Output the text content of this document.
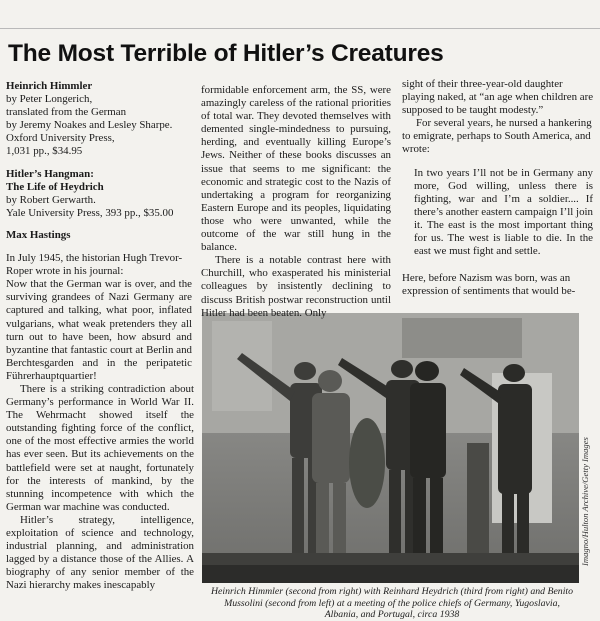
The Most Terrible of Hitler’s Creatures
Heinrich Himmler
by Peter Longerich,
translated from the German
by Jeremy Noakes and Lesley Sharpe.
Oxford University Press,
1,031 pp., $34.95
Hitler’s Hangman:
The Life of Heydrich
by Robert Gerwarth.
Yale University Press, 393 pp., $35.00
Max Hastings

In July 1945, the historian Hugh Trevor-Roper wrote in his journal:

Now that the German war is over, and the surviving grandees of Nazi Germany are captured and talking, what poor, inflated vulgarians, what weak pretenders they all turn out to have been, how absurd and byzantine that fantastic court at Berlin and Berchtesgarden and in the peripatetic Führerhauptquartier!

There is a striking contradiction about Germany’s performance in World War II. The Wehrmacht showed itself the outstanding fighting force of the conflict, one of the most effective armies the world has ever seen. But its achievements on the battlefield were set at naught, fortunately for the interests of mankind, by the stunning incompetence with which the German war machine was conducted.

Hitler’s strategy, intelligence, exploitation of science and technology, industrial planning, and administration lagged by a distance those of the Allies. A biography of any senior member of the Nazi hierarchy makes inescapably

formidable enforcement arm, the SS, were amazingly careless of the rational priorities of total war. They devoted themselves with demented single-mindedness to pursuing, herding, and eventually killing Europe’s Jews. Neither of these books discusses an issue that seems to me significant: the economic and strategic cost to the Nazis of undertaking a program for reorganizing Eastern Europe and its peoples, liquidating those who were unwanted, while the outcome of the war still hung in the balance.

There is a notable contrast here with Churchill, who exasperated his ministerial colleagues by insistently declining to discuss British postwar reconstruction until Hitler had been beaten. Only

sight of their three-year-old daughter playing naked, at “an age when children are supposed to be taught modesty.”

For several years, he nursed a hankering to emigrate, perhaps to South America, and wrote:

In two years I’ll not be in Germany any more, God willing, unless there is fighting, war and I’m a soldier.... If there’s another eastern campaign I’ll join it. The east is the most important thing for us. The west is liable to die. In the east we must fight and settle.

Here, before Nazism was born, was an expression of sentiments that would be-

Imagno/Hulton Archive/Getty Images
Heinrich Himmler (second from right) with Reinhard Heydrich (third from right) and Benito Mussolini (second from left) at a meeting of the police chiefs of Germany, Yugoslavia, Albania, and Portugal, circa 1938
